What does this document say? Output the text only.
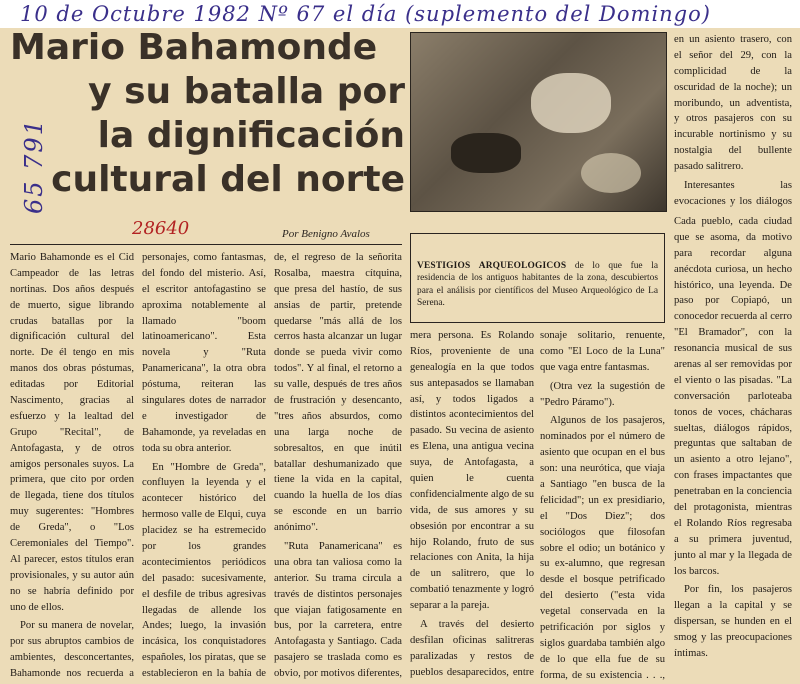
10 de Octubre 1982 Nº 67 el día (suplemento del Domingo)
65 791
Mario Bahamonde
y su batalla por
la dignificación
cultural del norte
28640	Por Benigno Avalos
VESTIGIOS ARQUEOLOGICOS de lo que fue la residencia de los antiguos habitantes de la zona, descubiertos para el análisis por científicos del Museo Arqueológico de La Serena.

Mario Bahamonde es el Cid Campeador de las letras nortinas. Dos años después de muerto, sigue librando crudas batallas por la dignificación cultural del norte. De él tengo en mis manos dos obras póstumas, editadas por Editorial Nascimento, gracias al esfuerzo y la lealtad del Grupo "Recital", de Antofagasta, y de otros amigos personales suyos. La primera, que cito por orden de llegada, tiene dos títulos muy sugerentes: "Hombres de Greda", o "Los Ceremoniales del Tiempo". Al parecer, estos títulos eran provisionales, y su autor aún no se habría definido por uno de ellos.

Por su manera de novelar, por sus abruptos cambios de ambientes, desconcertantes, Bahamonde nos recuerda a

personajes, como fantasmas, del fondo del misterio. Así, el escritor antofagastino se aproxima notablemente al llamado "boom latinoamericano". Esta novela y "Ruta Panamericana", la otra obra póstuma, reiteran las singulares dotes de narrador e investigador de Bahamonde, ya reveladas en toda su obra anterior.

En "Hombre de Greda", confluyen la leyenda y el acontecer histórico del hermoso valle de Elqui, cuya placidez se ha estremecido por los grandes acontecimientos periódicos del pasado: sucesivamente, el desfile de tribus agresivas llegadas de allende los Andes; luego, la invasión incásica, los conquistadores españoles, los piratas, que se establecieron en la bahía de

de, el regreso de la señorita Rosalba, maestra cítquina, que presa del hastío, de sus ansias de partir, pretende quedarse "más allá de los cerros hasta alcanzar un lugar donde se pueda vivir como todos". Y al final, el retorno a su valle, después de tres años de frustración y desencanto, "tres años absurdos, como una larga noche de sobresaltos, en que inútil batallar deshumanizado que tiene la vida en la capital, cuando la huella de los días se esconde en un barrio anónimo".

"Ruta Panamericana" es una obra tan valiosa como la anterior. Su trama circula a través de distintos personajes que viajan fatigosamente en bus, por la carretera, entre Antofagasta y Santiago. Cada pasajero se traslada como es obvio, por motivos diferentes,

mera persona. Es Rolando Ríos, proveniente de una genealogía en la que todos sus antepasados se llamaban así, y todos ligados a distintos acontecimientos del pasado. Su vecina de asiento es Elena, una antigua vecina suya, de Antofagasta, a quien le cuenta confidencialmente algo de su vida, de sus amores y su obsesión por encontrar a su hijo Rolando, fruto de sus relaciones con Anita, la hija de un salitrero, que lo combatió tenazmente y logró separar a la pareja.

A través del desierto desfilan oficinas salitreras paralizadas y restos de pueblos desaparecidos, entre

sonaje solitario, renuente, como "El Loco de la Luna" que vaga entre fantasmas.

(Otra vez la sugestión de "Pedro Páramo").

Algunos de los pasajeros, nominados por el número de asiento que ocupan en el bus son: una neurótica, que viaja a Santiago "en busca de la felicidad"; un ex presidiario, el "Dos Diez"; dos sociólogos que filosofan sobre el odio; un botánico y su ex-alumno, que regresan desde el bosque petrificado del desierto ("esta vida vegetal conservada en la petrificación por siglos y siglos guardaba también algo de lo que ella fue de su forma, de su existencia . . .,

en un asiento trasero, con el señor del 29, con la complicidad de la oscuridad de la noche); un moribundo, un adventista, y otros pasajeros con su incurable nortinismo y su nostalgia del bullente pasado salitrero.

Interesantes las evocaciones y los diálogos

Cada pueblo, cada ciudad que se asoma, da motivo para recordar alguna anécdota curiosa, un hecho histórico, una leyenda. De paso por Copiapó, un conocedor recuerda al cerro "El Bramador", con la resonancia musical de sus arenas al ser removidas por el viento o las pisadas. "La conversación parloteaba tonos de voces, chácharas sueltas, diálogos rápidos, preguntas que saltaban de un asiento a otro lejano", con frases impactantes que penetraban en la conciencia del protagonista, mientras el Rolando Ríos regresaba a su primera juventud, junto al mar y la llegada de los barcos.

Por fin, los pasajeros llegan a la capital y se dispersan, se hunden en el smog y las preocupaciones íntimas.
